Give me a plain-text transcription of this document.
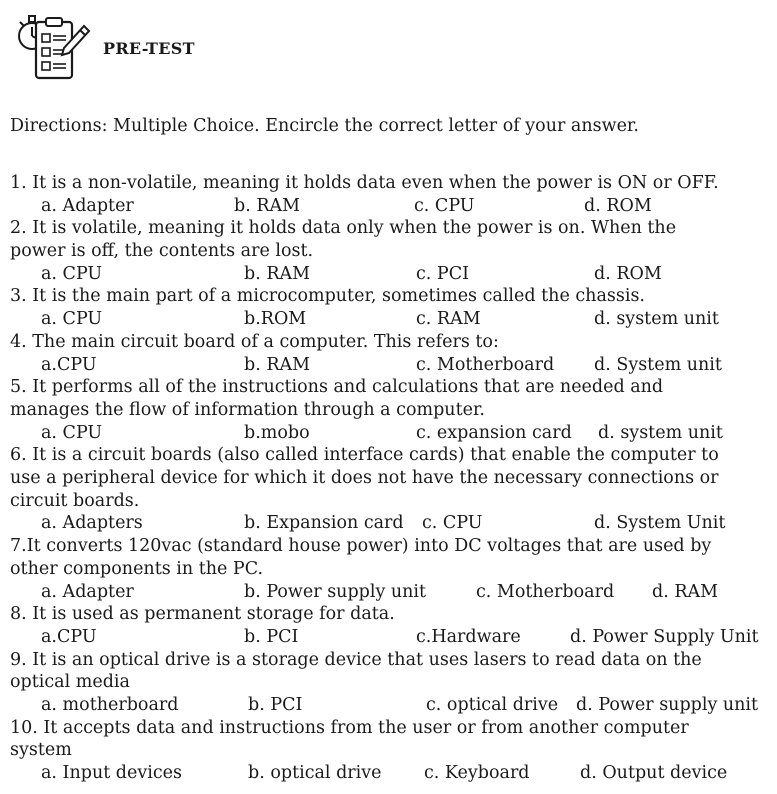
PRE-TEST
Directions: Multiple Choice. Encircle the correct letter of your answer.

1. It is a non-volatile, meaning it holds data even when the power is ON or OFF.

a. Adapter	b. RAM	c. CPU	d. ROM

2. It is volatile, meaning it holds data only when the power is on. When the

power is off, the contents are lost.

a. CPU	b. RAM	c. PCI	d. ROM

3. It is the main part of a microcomputer, sometimes called the chassis.

a. CPU	b.ROM	c. RAM	d. system unit

4. The main circuit board of a computer. This refers to:

a.CPU	b. RAM	c. Motherboard d. System unit

5. It performs all of the instructions and calculations that are needed and

manages the flow of information through a computer.

a. CPU	b.mobo	c. expansion card d. system unit

6. It is a circuit boards (also called interface cards) that enable the computer to

use a peripheral device for which it does not have the necessary connections or

circuit boards.

a. Adapters	b. Expansion card c. CPU	d. System Unit

7.It converts 120vac (standard house power) into DC voltages that are used by

other components in the PC.

a. Adapter	b. Power supply unit	c. Motherboard d. RAM

8. It is used as permanent storage for data.

a.CPU	b. PCI	c.Hardware	d. Power Supply Unit

9. It is an optical drive is a storage device that uses lasers to read data on the

optical media

a. motherboard	b. PCI	c. optical drive d. Power supply unit

10. It accepts data and instructions from the user or from another computer

system

a. Input devices	b. optical drive c. Keyboard	d. Output device
